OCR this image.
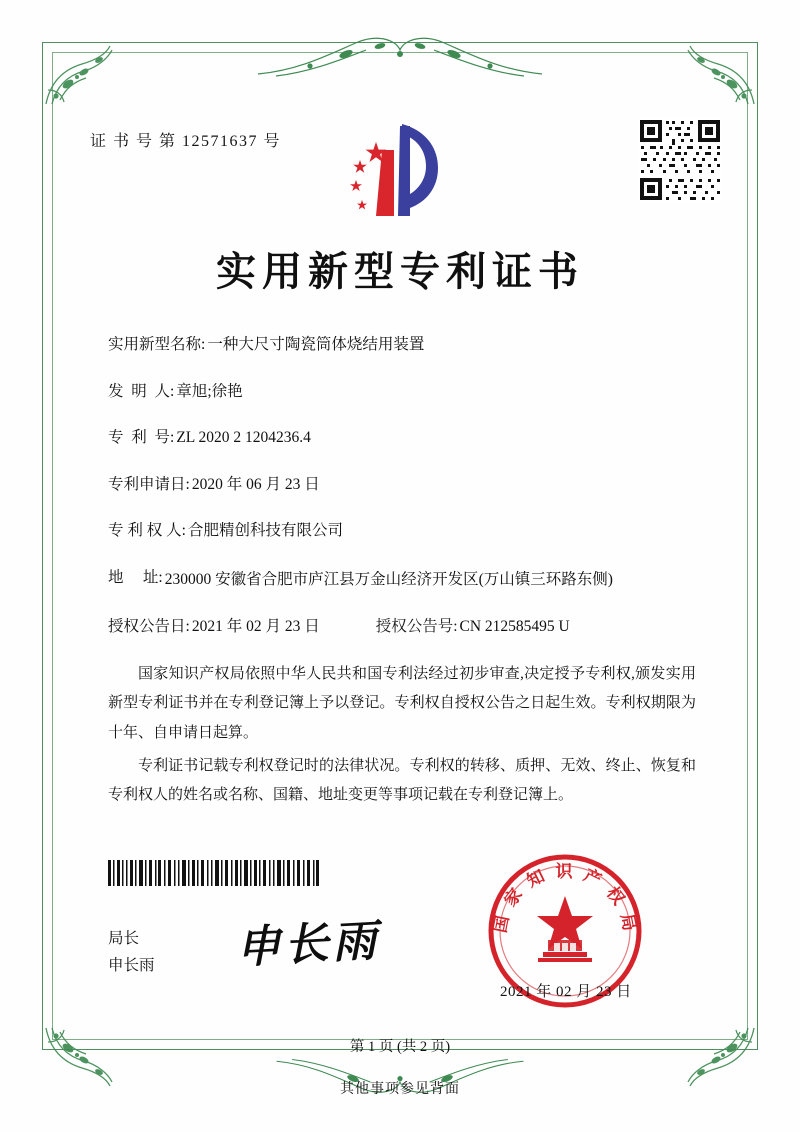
证 书 号 第 12571637 号
实用新型专利证书
实用新型名称: 一种大尺寸陶瓷筒体烧结用装置
发  明  人: 章旭;徐艳
专  利  号: ZL 2020 2 1204236.4
专利申请日: 2020 年 06 月 23 日
专 利 权 人: 合肥精创科技有限公司
地     址: 230000 安徽省合肥市庐江县万金山经济开发区(万山镇三环路东侧)
授权公告日: 2021 年 02 月 23 日	授权公告号: CN 212585495 U

国家知识产权局依照中华人民共和国专利法经过初步审查,决定授予专利权,颁发实用新型专利证书并在专利登记簿上予以登记。专利权自授权公告之日起生效。专利权期限为十年、自申请日起算。

专利证书记载专利权登记时的法律状况。专利权的转移、质押、无效、终止、恢复和专利权人的姓名或名称、国籍、地址变更等事项记载在专利登记簿上。

局长
申长雨 申长雨	国 家 知 识 产 权 局
2021 年 02 月 23 日
第 1 页 (共 2 页)
其他事项参见背面
